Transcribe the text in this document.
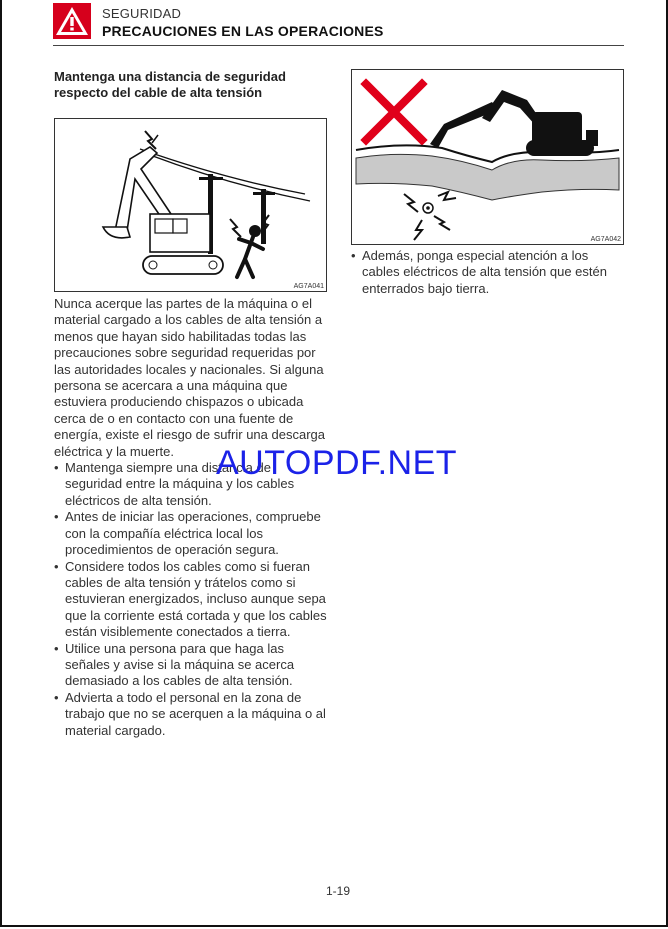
SEGURIDAD
PRECAUCIONES EN LAS OPERACIONES
Mantenga una distancia de seguridad respecto del cable de alta tensión
AG7A041

Nunca acerque las partes de la máquina o el material cargado a los cables de alta tensión a menos que hayan sido habilitadas todas las precauciones sobre seguridad requeridas por las autoridades locales y nacionales. Si alguna persona se acercara a una máquina que estuviera produciendo chispazos o ubicada cerca de o en contacto con una fuente de energía, existe el riesgo de sufrir una descarga eléctrica y la muerte.

• Mantenga siempre una distancia de seguridad entre la máquina y los cables eléctricos de alta tensión.
• Antes de iniciar las operaciones, compruebe con la compañía eléctrica local los procedimientos de operación segura.
• Considere todos los cables como si fueran cables de alta tensión y trátelos como si estuvieran energizados, incluso aunque sepa que la corriente está cortada y que los cables están visiblemente conectados a tierra.
• Utilice una persona para que haga las señales y avise si la máquina se acerca demasiado a los cables de alta tensión.
• Advierta a todo el personal en la zona de trabajo que no se acerquen a la máquina o al material cargado.
AG7A042
• Además, ponga especial atención a los cables eléctricos de alta tensión que estén enterrados bajo tierra.
AUTOPDF.NET
1-19
